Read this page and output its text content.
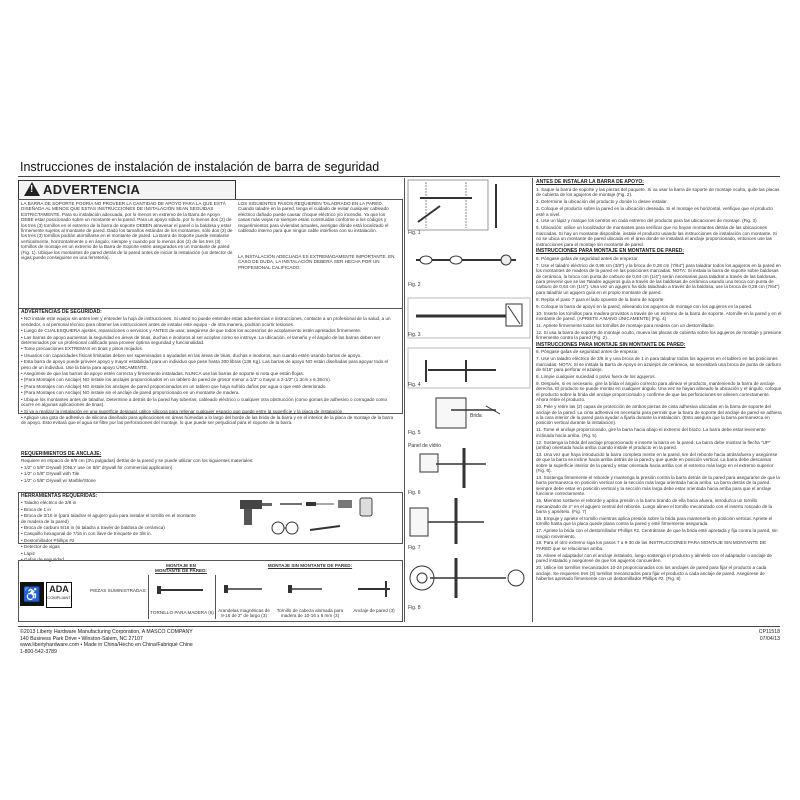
Instrucciones de instalación de instalación de barra de seguridad
! ADVERTENCIA
LA BARRA DE SOPORTE PODRÍA NO PROVEER LA CANTIDAD DE APOYO PARA LA QUE ESTÁ DISEÑADA AL MENOS QUE ESTAS INSTRUCCIONES DE INSTALACIÓN SEAN SEGUIDAS ESTRICTAMENTE. Para su instalación adecuada, por lo menos en extremo de la Barra de Apoyo DEBE estar posicionado sobre un montante en la pared. Para un apoyo sólido, por lo menos dos (2) de los tres (3) tornillos en el extremo de la barra de soporte DEBEN atravesar el panel o la baldosa y estar firmemente sujetos al montante de pared. Dado los tamaños estándar de los montantes, sólo dos (2) de los tres (3) tornillos podrán atornillarse en el montante de pared. La Barra de Soporte puede instalarse verticalmente, horizontalmente o en ángulo, siempre y cuando por lo menos dos (2) de los tres (3) tornillos de montaje en un extremo de la Barra de Soporte estén asegurados en un montante de pared (Fig. 1). Ubique los montantes de pared detrás de la pared antes de iniciar la instalación (un detector de vigas puede conseguirse en una ferretería).
LOS SIGUIENTES PASOS REQUIEREN TALADRADO EN LA PARED. Cuando taladre en la pared, tenga el cuidado de evitar cualquier cableado eléctrico dañado puede causar choque eléctrico y/o incendio. Ya que los casas más viejas no siempre están construidas conforme a los códigos y requerimientos para viviendas actuales, averigüe dónde está localizado el cableado interno para que ningún cable interfiera con su instalación.
LA INSTALACIÓN ADECUADA ES EXTREMADAMENTE IMPORTANTE. EN CASO DE DUDA, LA INSTALACIÓN DEBERÁ SER HECHA POR UN PROFESIONAL CALIFICADO.

ADVERTENCIAS DE SEGURIDAD:

• NO instale este equipo sin antes leer y entender la hoja de instrucciones. Si usted no puede entender estas advertencias e instrucciones, contacte a un profesional de la salud, a un vendedor, o al personal técnico para obtener las instrucciones antes de instalar este equipo - de otra manera, podrían ocurrir lesiones.

• Luego de CUALESQUIERA ajustes, reparaciones o servicios y ANTES de usar, asegúrese de que todos los accesorios de acoplamiento estén apretados firmemente.

• Las barras de apoyo aumentan la seguridad en áreas de tinas, duchas e inodoros al ser acoplan como se instruye. La ubicación, el tamaño y el ángulo de las barras deben ser determinados por un profesional calificado para proveer óptima seguridad y funcionalidad.

• Tome precauciones EXTREMAS en tinas y pisos mojados.

• Usuarios con capacidades físicas limitadas deben ser supervisados o ayudados en las áreas de tinas, duchas e inodoros, aun cuando estén usando barras de apoyo.

• Esta barra de apoyo puede proveer apoyo y mayor estabilidad para un individuo que pese hasta 300 libras (136 Kg). Las barras de apoyo NO están diseñadas para apoyar todo el peso de un individuo. Use la barra para apoyo ÚNICAMENTE.

• Asegúrese de que las barras de apoyo estén correcta y firmemente instaladas. NUNCA use las barras de soporte si nota que están flojas.

• (Para Montajes con Anclaje) NO instale los anclajes proporcionados en un tablero de pared de grosor menor a 1/2" o mayor a 2-1/2" (1.3cm x 6.35cm).

• (Para Montajes con Anclaje) NO instale los anclajes de pared proporcionados en un tablero que haya sufrido daños por agua o que esté deteriorado.

• (Para Montajes con Anclaje) NO instale sin el anclaje de pared proporcionado en un montante de madera.

• Ubique los montantes antes de taladrar. Determine a detrás de la pared hay tuberías, cableado eléctrico o cualquier otra obstrucción (como gomas de adhesivo o corrugado como ocurre en algunas aplicaciones de tinas).

• Si va a realizar la instalación en una superficie desigual, utilice silicona para rellenar cualquier espacio que quede entre la superficie y la placa de instalación.

• Aplique una gota de adhesivo de silicona diseñado para aplicaciones en áreas húmedas a lo largo del borde de las brida de la barra y en el interior de la placa de montaje de la barra de apoyo. Esto evitará que el agua se filtre por las perforaciones del montaje, lo que puede ser perjudicial para el soporte de la barra.

REQUERIMIENTOS DE ANCLAJE:

Requiere en espacio de 8/9 cm (3¼ pulgadas) detrás de la pared y se puede utilizar con los siguientes materiales:

• 1/2" o 5/8" Drywall (ONLY use on 5/8" drywall for commercial application)

• 1/2" o 5/8" Drywall with Tile

• 1/2" o 5/8" Drywall w/ Marble/Stone

HERRAMIENTAS REQUERIDAS:

• Taladro eléctrico de 3/8 in

• Broca de 1 in

• Broca de 3/16 in (para taladrar el agujero guía para instalar el tornillo en el montante de madera de la pared)

• Broca de carburo 5/16 in (si taladra a través de baldosa de cerámica)

• Casquillo hexagonal de 7/16 in con llave de trinquete de 3/8 in.

• Destornillador Phillips #2

• Detector de vigas

• Lápiz

• Gafas de seguridad

PIEZAS SUMINISTRADAS:
MONTAJE EN
MONTANTE DE PARED:
MONTAJE SIN MONTANTE DE PARED:
TORNILLO PARA MADERA (6) Arandelas magnéticas de 9-16 de 2" de largo (3)
Tornillo de cabeza alomada para madera de 10-16 x 6 mm (3)
Anclaje de pared (3)
♿ ADA
COMPLIANT
©2013 Liberty Hardware Manufacturing Corporation, A MASCO COMPANY
140 Business Park Drive • Winston-Salem, NC 27107
www.libertyhardware.com • Made in China/Hecho en China/Fabriqué Chine
1-800-542-3789
CP11518
07/04/13
Fig. 1
Fig. 2
Fig. 3
Fig. 4
Fig. 5
Fig. 6
Fig. 7
Fig. 8
Brida
Panel de vidrio

ANTES DE INSTALAR LA BARRA DE APOYO:

1. Saque la barra de soporte y las piezas del paquete. Si va usar la barra de soporte de montaje oculto, quite las placas de cubierta de los agujeros de montaje (Fig. 2).

2. Determine la ubicación del producto y donde lo desee instalar.

3. Coloque el producto sobre la pared en la ubicación deseada. Si el montaje es horizontal, verifique que el producto esté a nivel.

4. Use un lápiz y marque los centros en cada extremo del producto para las ubicaciones de montaje. (Fig. 3)

5. Ubicación: utilice un localizador de montantes para verificar que no hayan montantes detrás de las ubicaciones marcadas. Si hay un montante disponible, instale el producto usando las instrucciones de instalación con montante. Si no se ubica un montante de pared ubicada en el área donde se instalará el anclaje proporcionado, entonces use las instrucciones para el montaje sin montante de pared.

INSTRUCCIONES PARA MONTAJE EN MONTANTE DE PARED:

6. Póngase gafas de seguridad antes de empezar.

7. Use el taladro eléctrico de 0,95 cm (3/8") y la broca de 0,28 cm (7/64") para taladrar todos los agujeros en la pared en los montantes de madera de la pared en las posiciones marcadas. NOTA: Si instala la barra de soporte sobre baldosas de cerámica, la broca con punta de carburo de 0,64 cm (1/4") serán necesarias para taladrar a través de las baldosas, para prevenir que se las Taladre agujeros guía a través de las baldosas de cerámica usando una broca con punta de carburo de 0,64 cm (1/4"). Una vez un agujero ha sido taladrado a través de la baldosa, use la broca de 0,28 cm (7/64") para taladrar un agujero guía en el propio montante de pared.

8. Repita el paso 7 para el lado opuesto de la barra de soporte.

9. Coloque la barra de apoyo en la pared, alineando los agujeros de montaje con los agujeros en la pared.

10. Inserte los tornillos para madera provistos a través de un extremo de la barra de soporte. Atornille en la pared y en el montante de pared. (APRIETE A MANO ÚNICAMENTE) (Fig. 4)

11. Apriete firmemente todos los tornillos de montaje para madera con un destornillador.

12. Si usa la barra de soporte de montaje oculto, mueva las placas de cubierta sobre los agujeros de montaje y presione firmemente contra la pared (Fig. 2).

INSTRUCCIONES PARA MONTAJE SIN MONTANTE DE PARED:

6. Póngase gafas de seguridad antes de empezar.

7. Use un taladro eléctrico de 3/8 in y una broca de 1 in para taladrar todos los agujeros en el tablero en las posiciones marcadas. NOTA: Si se instala la Barra de Apoyo en azulejos de cerámica, se necesitará una broca de punta de carburo de 5/16" para perforar el azulejo.

8. Limpie cualquier suciedad o polvo fuera de los agujeros.

9. Después, si es necesario, gire la brida el ángulo correcto para alinear el producto, manteniendo la barra de anclaje derecha. El producto se puede montar en cualquier ángulo. Una vez se hayan alineado la ubicación y el ángulo, coloque el producto sobre la brida del anclaje proporcionado y confirme de que las perforaciones se alineen correctamente. Ahora retire el producto.

10. Pele y retire las (2) capas de protección de ambos piezas de cinta adhesiva ubicadas en la barra de soporte del anclaje de la pared. La cinta adhesiva es necesaria para permitir que la barra de soporte del anclaje de pared se adhiera a la cara interior de la pared para ayudar a fijarla durante la instalación. (Esto asegura que la barra permanezca en posición vertical durante la instalación).

11. Tome el anclaje proporcionado, gire la barra hacia abajo el extremo del brazo. La barra debe estar levemente inclinada hacia arriba. (Fig. 5)

12. Sostenga la brida del anclaje proporcionado e inserte la barra en la pared. La barra debe mostrar la flecha "UP" (arriba) orientada hacia arriba cuando instale el producto en la pared.

13. Una vez que haya introducido la barra completa mente en la pared, tire del reborde hacia atrás/afuera y asegúrese de que la barra se incline hacia arriba detrás de la pared y que quede en posición vertical. La barra debe descansar sobre la superficie interior de la pared y estar orientada hacia arriba con el extremo más largo en el extremo superior (Fig. 6).

14. Sostenga firmemente el reborde y mantenga la presión contra la barra detrás de la pared para asegurarse de que la barra permanezca en posición vertical con la sección más larga orientada hacia arriba. La barra detrás de la pared siempre debe estar en posición vertical y la sección más larga debe estar orientada hacia arriba para que el anclaje funcione correctamente.

15. Mientras sostiene el reborde y aplica presión a la barra tirando de ella hacia afuera, introduzca un tornillo mecanizado de 2" en el agujero central del reborde. Luego alinee el tornillo mecanizado con el inserto roscado de la barra y apriételo. (Fig. 7)

16. Empuje y apriete el tornillo mientras aplica presión sobre la brida para mantenerla en posición vertical. Apriete el tornillo hasta que la placa quede plana contra la pared y esté firmemente asegurada.

17. Apriete la brida con el destornillador Phillips #2. Centrátrase de que la brida esté apretada y fija contra la pared, sin ningún movimiento.

18. Para el otro extremo siga los pasos 7 a 9-30 de las INSTRUCCIONES PARA MONTAJE SIN MONTANTE DE PARED que se relacionan arriba.

19. Alinee el adaptador con el anclaje instalado, luego sostenga el producto y alinéelo con el adaptador o anclaje de pared instalado y asegúrese de que los agujeros concuerden.

20. Utilice los tornillos mecanizados 10-24 proporcionados con los anclajes de pared para fijar el producto a cada anclaje. Se requieren tres (3) tornillos mecanizados para fijar el producto a cada anclaje de pared. Asegúrese de haberlos apretado firmemente con un destornillador Phillips #2. (Fig. 8)
